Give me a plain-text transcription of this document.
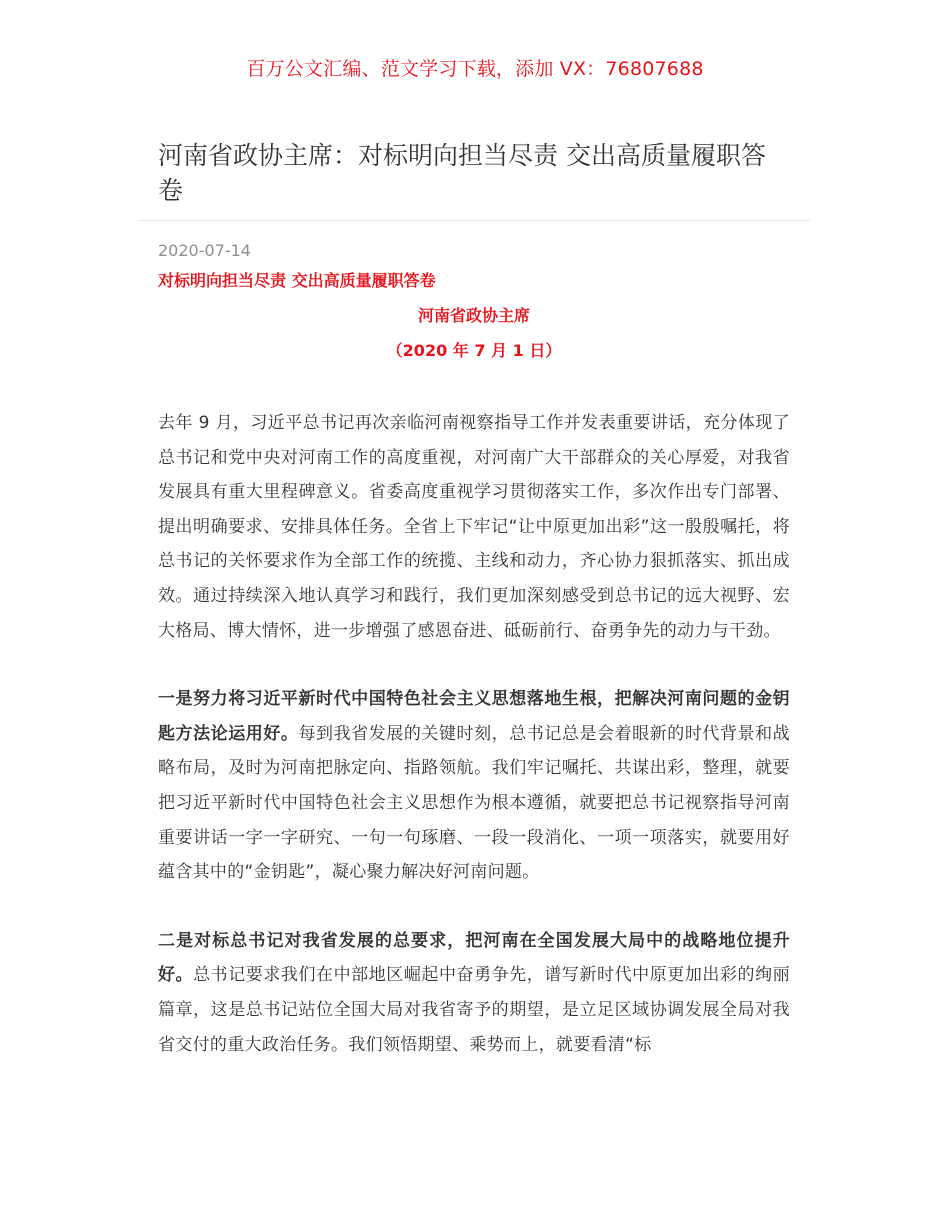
百万公文汇编、范文学习下载，添加 VX：76807688
河南省政协主席：对标明向担当尽责 交出高质量履职答卷

2020-07-14

对标明向担当尽责 交出高质量履职答卷

河南省政协主席

（2020 年 7 月 1 日）

去年 9 月，习近平总书记再次亲临河南视察指导工作并发表重要讲话，充分体现了总书记和党中央对河南工作的高度重视，对河南广大干部群众的关心厚爱，对我省发展具有重大里程碑意义。省委高度重视学习贯彻落实工作，多次作出专门部署、提出明确要求、安排具体任务。全省上下牢记“让中原更加出彩”这一殷殷嘱托，将总书记的关怀要求作为全部工作的统揽、主线和动力，齐心协力狠抓落实、抓出成效。通过持续深入地认真学习和践行，我们更加深刻感受到总书记的远大视野、宏大格局、博大情怀，进一步增强了感恩奋进、砥砺前行、奋勇争先的动力与干劲。

一是努力将习近平新时代中国特色社会主义思想落地生根，把解决河南问题的金钥匙方法论运用好。每到我省发展的关键时刻，总书记总是会着眼新的时代背景和战略布局，及时为河南把脉定向、指路领航。我们牢记嘱托、共谋出彩，整理，就要把习近平新时代中国特色社会主义思想作为根本遵循，就要把总书记视察指导河南重要讲话一字一字研究、一句一句琢磨、一段一段消化、一项一项落实，就要用好蕴含其中的“金钥匙”，凝心聚力解决好河南问题。

二是对标总书记对我省发展的总要求，把河南在全国发展大局中的战略地位提升好。总书记要求我们在中部地区崛起中奋勇争先，谱写新时代中原更加出彩的绚丽篇章，这是总书记站位全国大局对我省寄予的期望，是立足区域协调发展全局对我省交付的重大政治任务。我们领悟期望、乘势而上，就要看清“标
